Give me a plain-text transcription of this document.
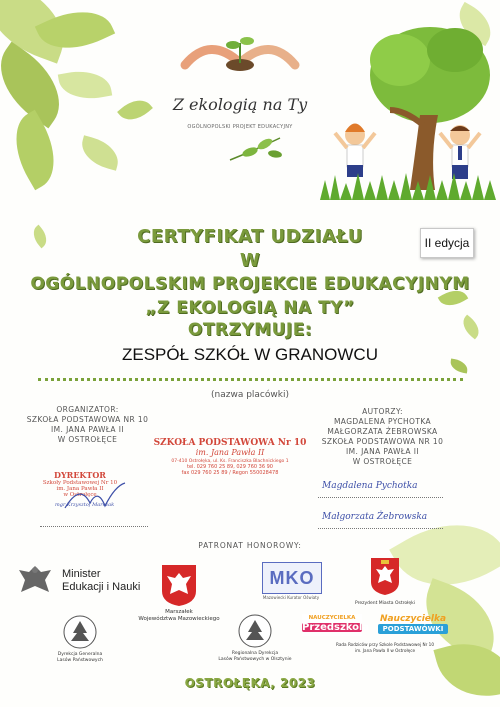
Z ekologią na Ty
OGÓLNOPOLSKI PROJEKT EDUKACYJNY
II edycja
CERTYFIKAT UDZIAŁU
W
OGÓLNOPOLSKIM PROJEKCIE EDUKACYJNYM
„Z EKOLOGIĄ NA TY”
OTRZYMUJE:
ZESPÓŁ SZKÓŁ W GRANOWCU
(nazwa placówki)
ORGANIZATOR:
SZKOŁA PODSTAWOWA NR 10
IM. JANA PAWŁA II
W OSTROŁĘCE
AUTORZY:
MAGDALENA PYCHOTKA
MAŁGORZATA ŻEBROWSKA
SZKOŁA PODSTAWOWA NR 10
IM. JANA PAWŁA II
W OSTROŁĘCE
SZKOŁA PODSTAWOWA Nr 10
im. Jana Pawła II
07-410 Ostrołęka, ul. Ks. Franciszka Blachnickiego 1
tel. 029 760 25 89, 029 760 36 90
fax 029 760 25 89 / Regon 550028478
DYREKTOR
Szkoły Podstawowej Nr 10
im. Jana Pawła II
w Ostrołęce
mgr Krzysztof Marczak
Magdalena Pychotka
Małgorzata Żebrowska
PATRONAT HONOROWY:
Minister
Edukacji i Nauki
Marszałek
Województwa Mazowieckiego
MKO
Mazowiecki Kurator Oświaty
Prezydent Miasta Ostrołęki
Dyrekcja Generalna
Lasów Państwowych
Regionalna Dyrekcja
Lasów Państwowych w Olsztynie
NAUCZYCIELKA
Przedszkola
Nauczycielka
PODSTAWÓWKI
Rada Rodziców przy Szkole Podstawowej Nr 10
im. Jana Pawła II w Ostrołęce
OSTROŁĘKA, 2023
